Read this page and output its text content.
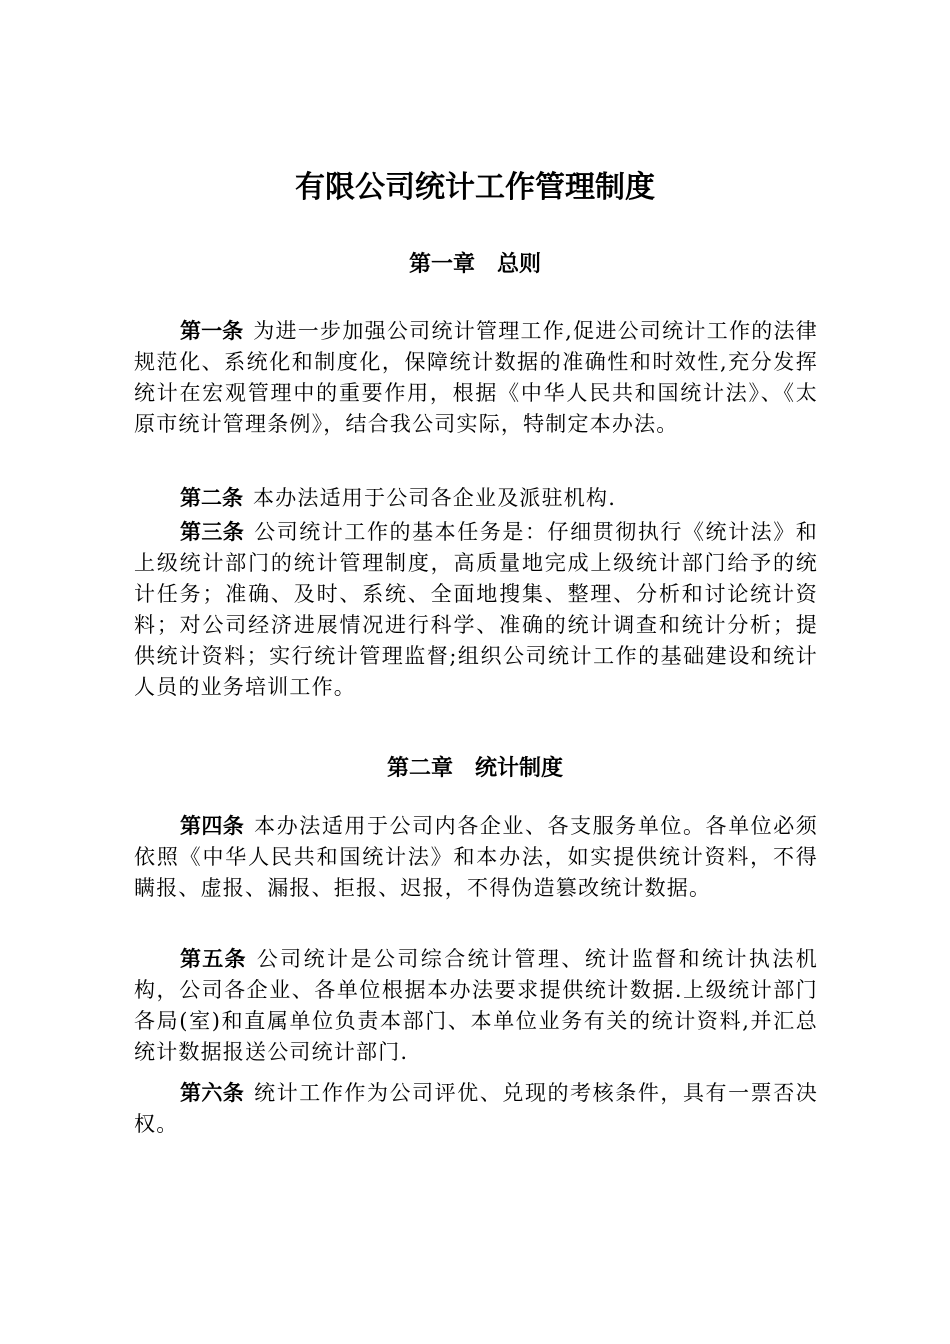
有限公司统计工作管理制度
第一章 总则

第一条 为进一步加强公司统计管理工作,促进公司统计工作的法律规范化、系统化和制度化，保障统计数据的准确性和时效性,充分发挥统计在宏观管理中的重要作用，根据《中华人民共和国统计法》、《太原市统计管理条例》，结合我公司实际，特制定本办法。

第二条 本办法适用于公司各企业及派驻机构.

第三条 公司统计工作的基本任务是：仔细贯彻执行《统计法》和上级统计部门的统计管理制度，高质量地完成上级统计部门给予的统计任务；准确、及时、系统、全面地搜集、整理、分析和讨论统计资料；对公司经济进展情况进行科学、准确的统计调查和统计分析；提供统计资料；实行统计管理监督;组织公司统计工作的基础建设和统计人员的业务培训工作。

第二章 统计制度

第四条 本办法适用于公司内各企业、各支服务单位。各单位必须依照《中华人民共和国统计法》和本办法，如实提供统计资料，不得瞒报、虚报、漏报、拒报、迟报，不得伪造篡改统计数据。

第五条 公司统计是公司综合统计管理、统计监督和统计执法机构，公司各企业、各单位根据本办法要求提供统计数据.上级统计部门各局(室)和直属单位负责本部门、本单位业务有关的统计资料,并汇总统计数据报送公司统计部门.

第六条 统计工作作为公司评优、兑现的考核条件，具有一票否决权。
